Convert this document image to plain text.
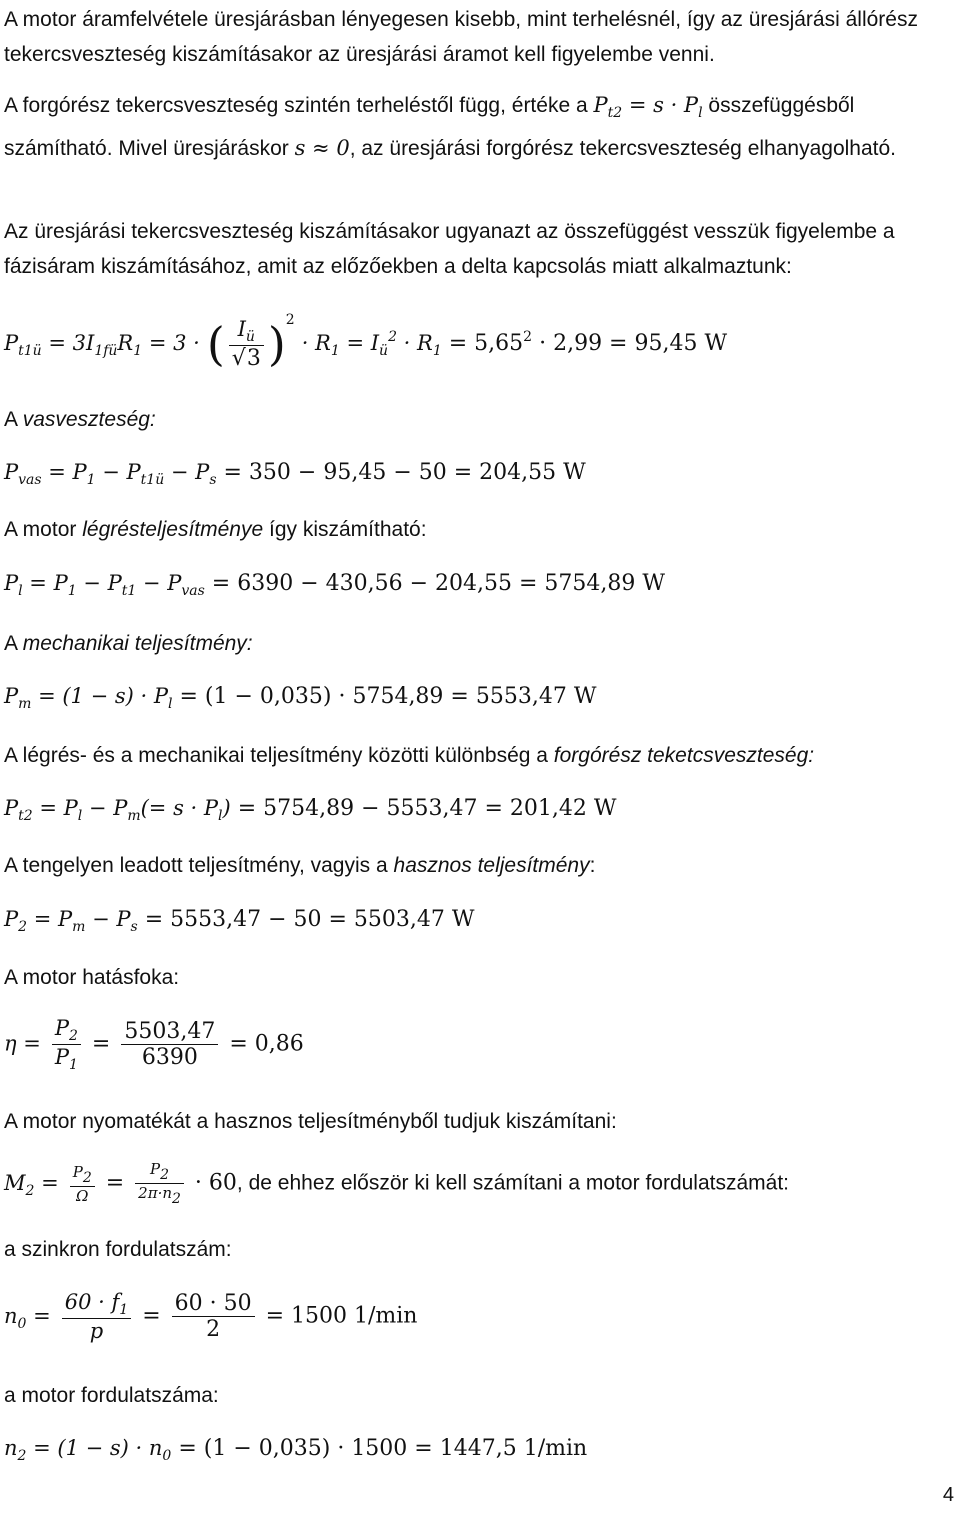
A motor áramfelvétele üresjárásban lényegesen kisebb, mint terhelésnél, így az üresjárási állórész tekercsveszteség kiszámításakor az üresjárási áramot kell figyelembe venni.
A forgórész tekercsveszteség szintén terheléstől függ, értéke a $P_{t2} = s \cdot P_l$ összefüggésből számítható. Mivel üresjáráskor s ≈ 0, az üresjárási forgórész tekercsveszteség elhanyagolható.
Az üresjárási tekercsveszteség kiszámításakor ugyanazt az összefüggést vesszük figyelembe a fázisáram kiszámításához, amit az előzőekben a delta kapcsolás miatt alkalmaztunk:
$P_{t1ü} = 3I_{1fü}R_1 = 3$ · ( $\frac{I_ü}{√3} )^2 \cdot R_1 = I_ü^2 \cdot R_1 = 5,65^2 \cdot 2,99 = 95,45$ W
A vasveszteség:
$P_{vas} = P_1 - P_{t1ü} - P_s = 350 - 95,45 - 50 = 204,55$ W
A motor légrésteljesítménye így kiszámítható:
$P_l = P_1 - P_{t1} - P_{vas} = 6390 - 430,56 - 204,55 = 5754,89$ W
A mechanikai teljesítmény:
$P_m = (1 - s) \cdot P_l = (1 - 0,035) \cdot 5754,89 = 5553,47$ W
A légrés- és a mechanikai teljesítmény közötti különbség a forgórész teketcsveszteség:
$P_{t2} = P_l - P_m(= s \cdot P_l) = 5754,89 - 5553,47 = 201,42$ W
A tengelyen leadott teljesítmény, vagyis a hasznos teljesítmény:
$P_2 = P_m - P_s = 5553,47 - 50 = 5503,47$ W
A motor hatásfoka:
$\eta = \frac{P_2}{P_1} = \frac{5503,47}{6390} = 0,86$
A motor nyomatékát a hasznos teljesítményből tudjuk kiszámítani:
$M_2 = \frac{P_2}{\Omega} = \frac{P_2}{2\pi\cdot n_2} \cdot 60$, de ehhez először ki kell számítani a motor fordulatszámát:
a szinkron fordulatszám:
$n_0 = \frac{60 \cdot f_1}{p} = \frac{60 \cdot 50}{2} = 1500$ 1/min
a motor fordulatszáma:
$n_2 = (1 - s) \cdot n_0 = (1 - 0,035) \cdot 1500 = 1447,5$ 1/min
4
